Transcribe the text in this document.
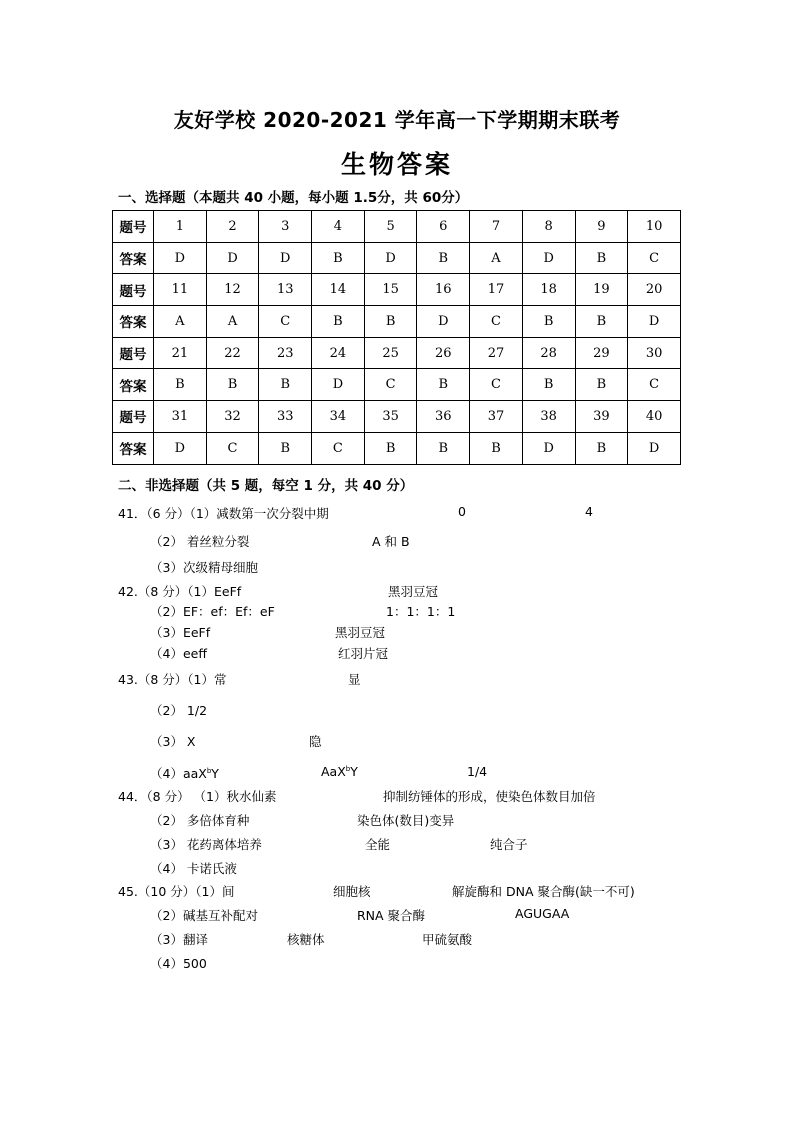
友好学校 2020-2021 学年高一下学期期末联考
生物答案
一、选择题（本题共 40 小题，每小题 1.5分，共 60分）
题号	1	2	3	4	5	6	7	8	9	10
答案	D	D	D	B	D	B	A	D	B	C
题号	11	12	13	14	15	16	17	18	19	20
答案	A	A	C	B	B	D	C	B	B	D
题号	21	22	23	24	25	26	27	28	29	30
答案	B	B	B	D	C	B	C	B	B	C
题号	31	32	33	34	35	36	37	38	39	40
答案	D	C	B	C	B	B	B	D	B	D
二、非选择题（共 5 题，每空 1 分，共 40 分）
41．（6 分）（1）减数第一次分裂中期	0	4
（2） 着丝粒分裂	A 和 B
（3）次级精母细胞
42.（8 分）（1）EeFf	黑羽豆冠
（2）EF：ef：Ef：eF	1：1：1：1
（3）EeFf	黑羽豆冠
（4）eeff	红羽片冠
43.（8 分）（1）常	显
（2） 1/2
（3） X	隐
（4）aaX$^b$Y	AaX$^b$Y	1/4
44．（8 分） （1）秋水仙素	抑制纺锤体的形成，使染色体数目加倍
（2） 多倍体育种	染色体(数目)变异
（3） 花药离体培养	全能	纯合子
（4） 卡诺氏液
45.（10 分）（1）间	细胞核	解旋酶和 DNA 聚合酶(缺一不可)
（2）碱基互补配对	RNA 聚合酶	AGUGAA
（3）翻译	核糖体	甲硫氨酸
（4）500
